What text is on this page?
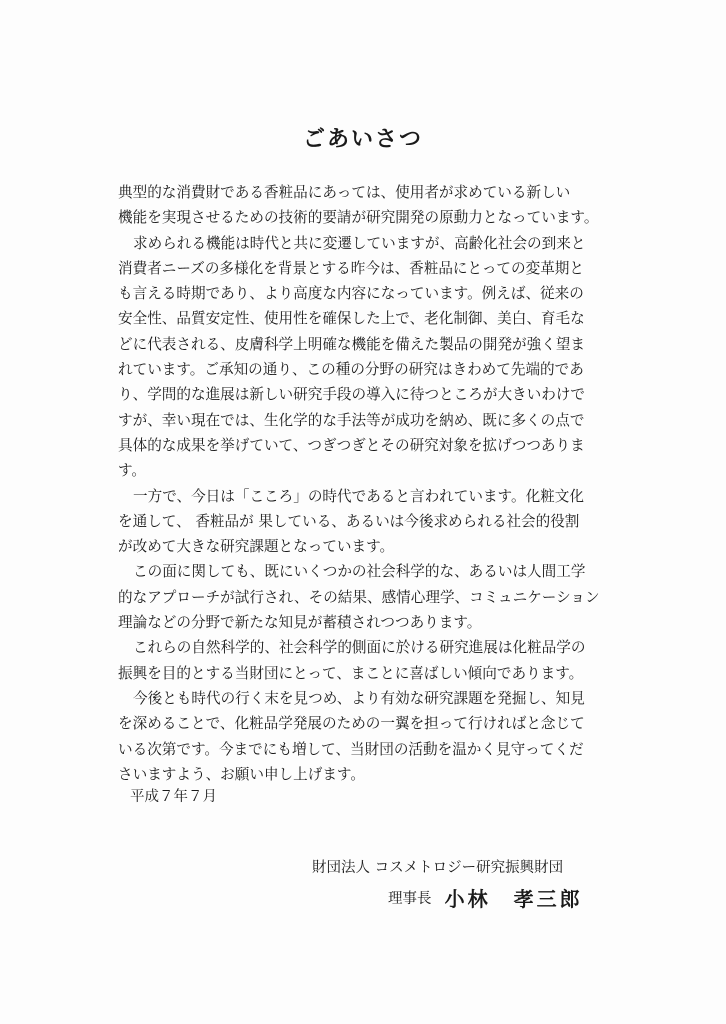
ごあいさつ
典型的な消費財である香粧品にあっては、使用者が求めている新しい
機能を実現させるための技術的要請が研究開発の原動力となっています。
求められる機能は時代と共に変遷していますが、高齢化社会の到来と
消費者ニーズの多様化を背景とする昨今は、香粧品にとっての変革期と
も言える時期であり、より高度な内容になっています。例えば、従来の
安全性、品質安定性、使用性を確保した上で、老化制御、美白、育毛な
どに代表される、皮膚科学上明確な機能を備えた製品の開発が強く望ま
れています。ご承知の通り、この種の分野の研究はきわめて先端的であ
り、学問的な進展は新しい研究手段の導入に待つところが大きいわけで
すが、幸い現在では、生化学的な手法等が成功を納め、既に多くの点で
具体的な成果を挙げていて、つぎつぎとその研究対象を拡げつつありま
す。
一方で、今日は「こころ」の時代であると言われています。化粧文化
を通して、 香粧品が 果している、あるいは今後求められる社会的役割
が改めて大きな研究課題となっています。
この面に関しても、既にいくつかの社会科学的な、あるいは人間工学
的なアプローチが試行され、その結果、感情心理学、コミュニケーション
理論などの分野で新たな知見が蓄積されつつあります。
これらの自然科学的、社会科学的側面に於ける研究進展は化粧品学の
振興を目的とする当財団にとって、まことに喜ばしい傾向であります。
今後とも時代の行く末を見つめ、より有効な研究課題を発掘し、知見
を深めることで、化粧品学発展のための一翼を担って行ければと念じて
いる次第です。今までにも増して、当財団の活動を温かく見守ってくだ
さいますよう、お願い申し上げます。
平成７年７月
財団法人 コスメトロジー研究振興財団
理事長 小林　孝三郎
